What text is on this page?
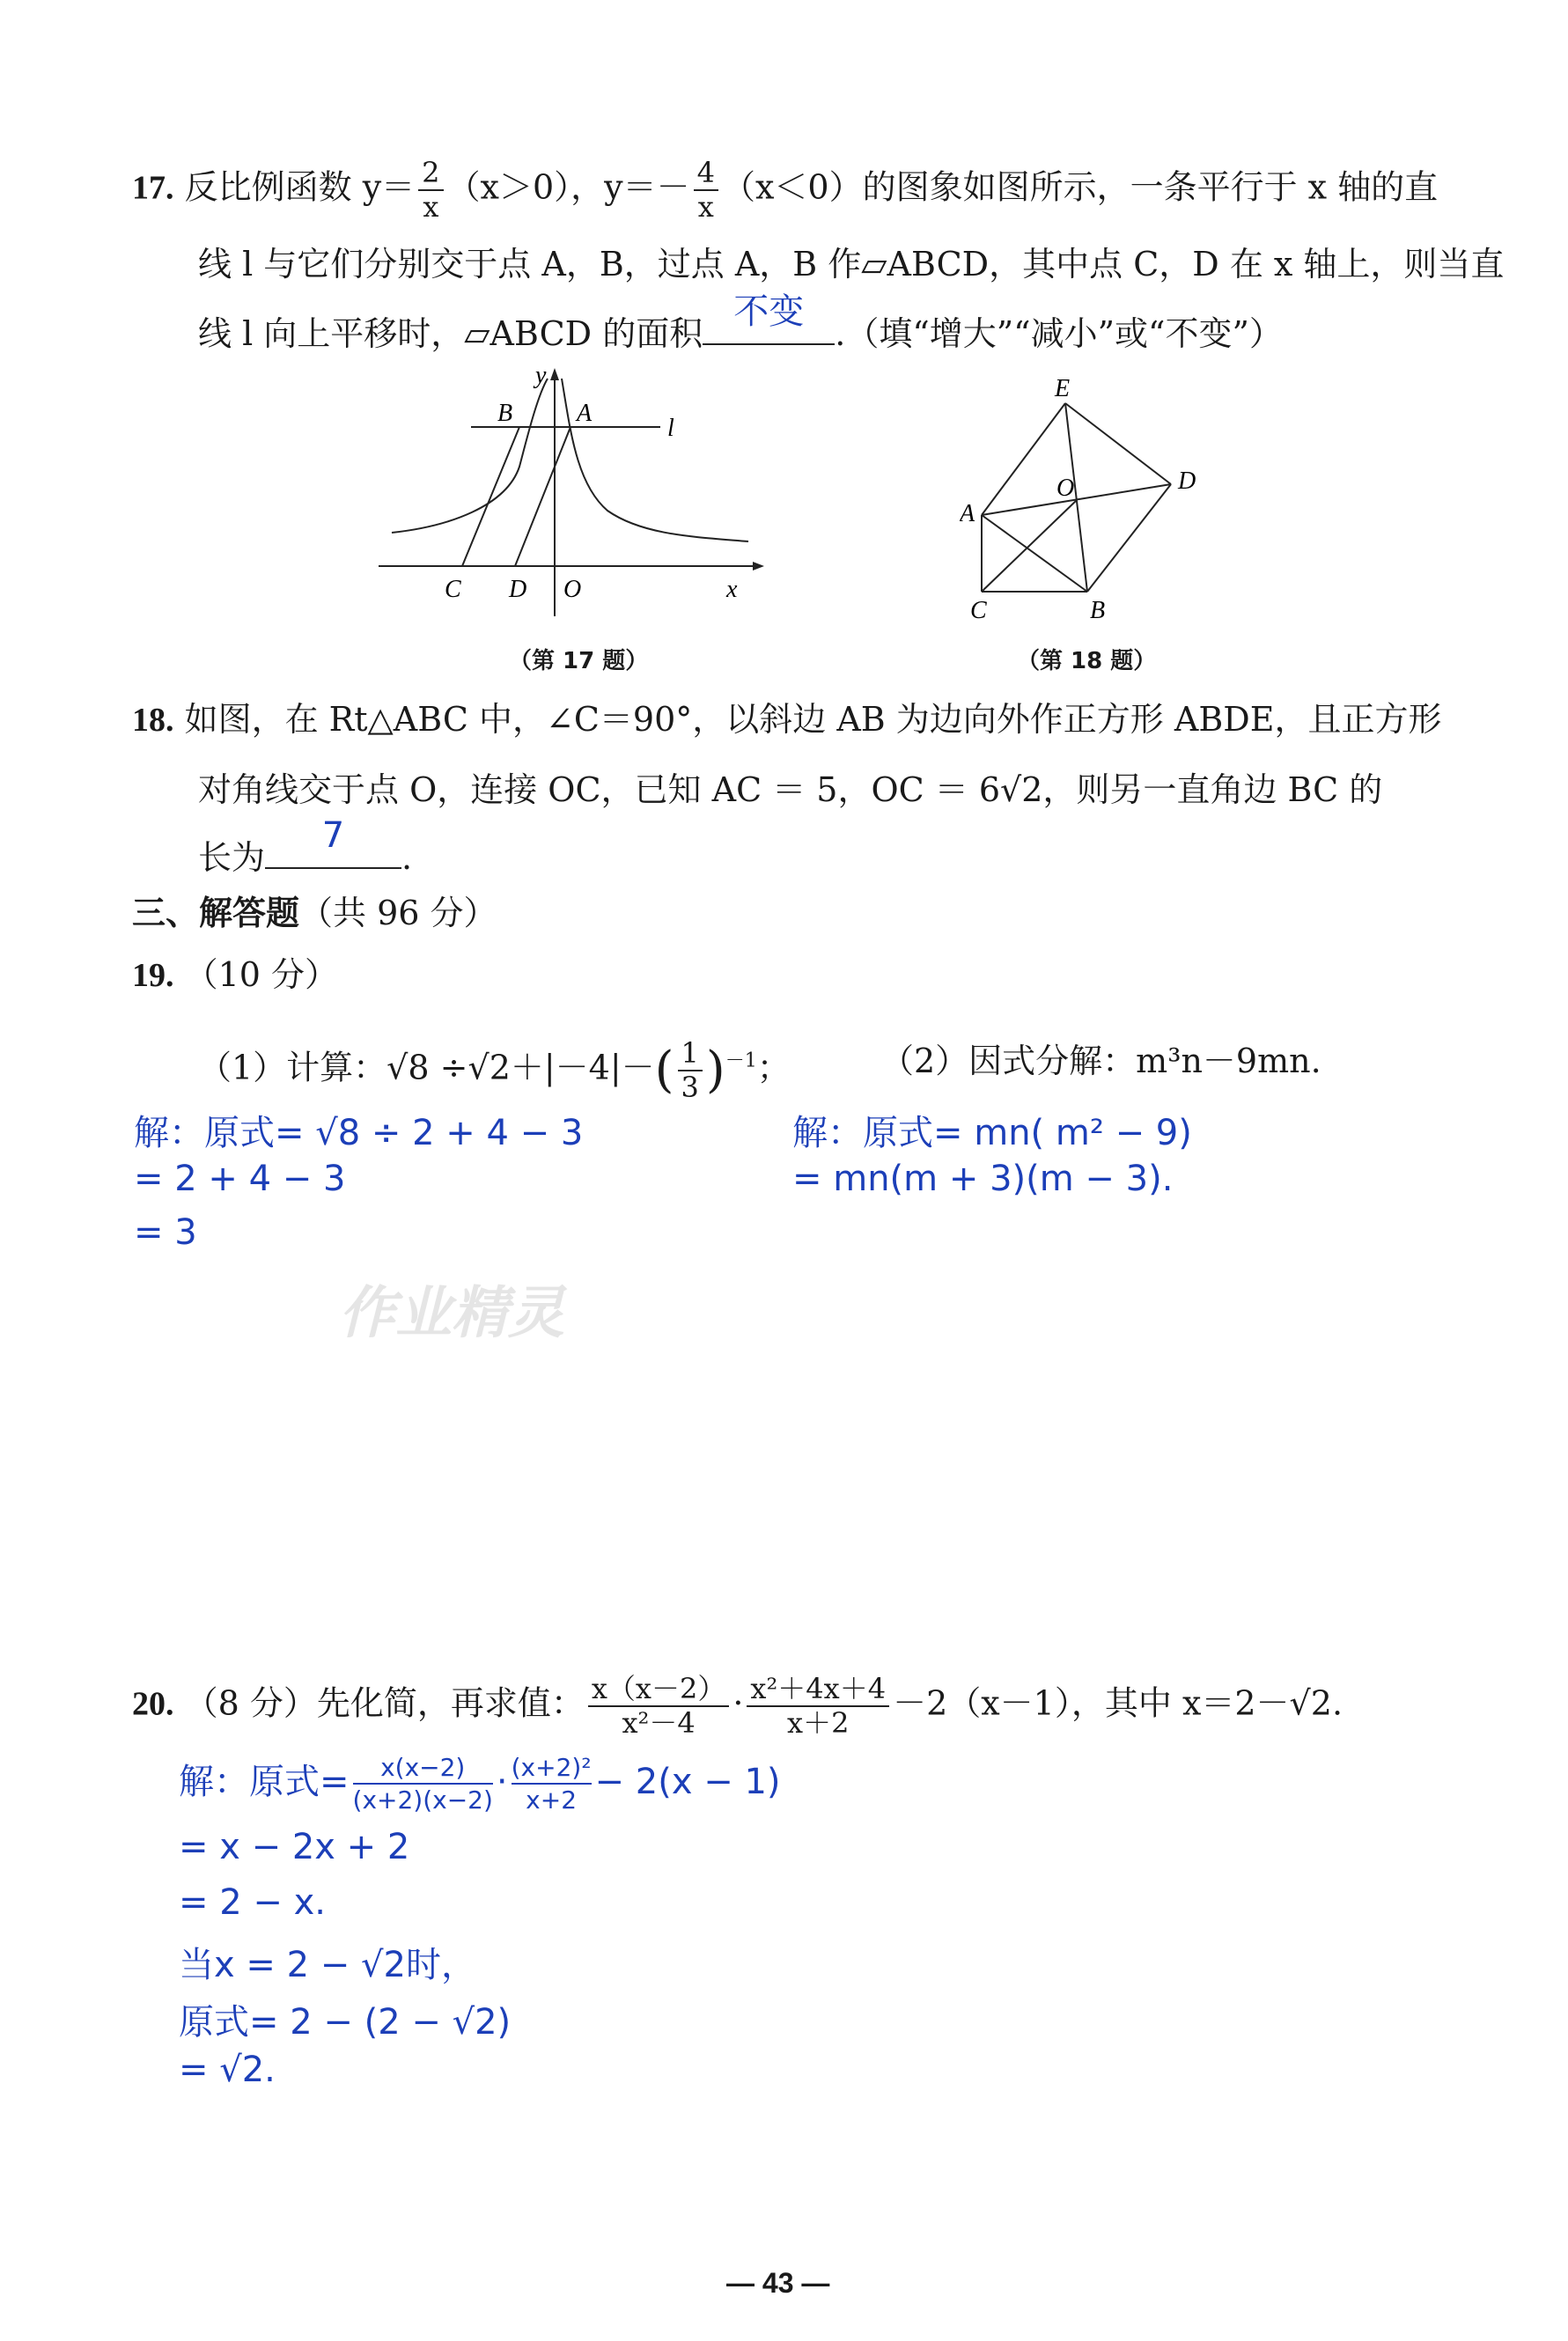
17. 反比例函数 $y= \frac{2}{x} (x>0)$，$y=- \frac{4}{x} (x<0)$的图象如图所示，一条平行于 x 轴的直
线 l 与它们分别交于点 A，B，过点 A，B 作▱ABCD，其中点 C，D 在 x 轴上，则当直
线 l 向上平移时，▱ABCD 的面积
不变
.（填“增大”“减小”或“不变”）
B	A
y
l
C D O	x
（第 17 题）
E
O	D
A
C	B
（第 18 题）
18. 如图，在 Rt△ABC 中，∠C＝90°，以斜边 AB 为边向外作正方形 ABDE，且正方形
对角线交于点 O，连接 OC，已知 AC ＝ 5，OC ＝ 6√2，则另一直角边 BC 的
长为
7
.
三、解答题（共 96 分）
19. （10 分）
（1）计算：$√8 \div√2+|-4|-( \frac{1}{3} )^{-1}$；	（2）因式分解：m³n－9mn.
解：原式= √8 ÷ 2 + 4 − 3
= 2 + 4 − 3
= 3
解：原式= mn( m² − 9)
= mn(m + 3)(m − 3).
作业精灵
20. （8 分）先化简，再求值： $\frac{x(x-2)}{\text{x²－4}} \cdot \frac{\text{x²＋4x＋4}}{x+2} -2(x-1)$，其中 x＝2－√2.
解：原式= $\frac{x(x-2)}{(x+2)(x-2)} \cdot \frac{\text{(x+2)²}}{x+2} - 2(x - 1)$
= x − 2x + 2
= 2 − x.
当x = 2 − √2时，
原式= 2 − (2 − √2)
= √2.
— 43 —
